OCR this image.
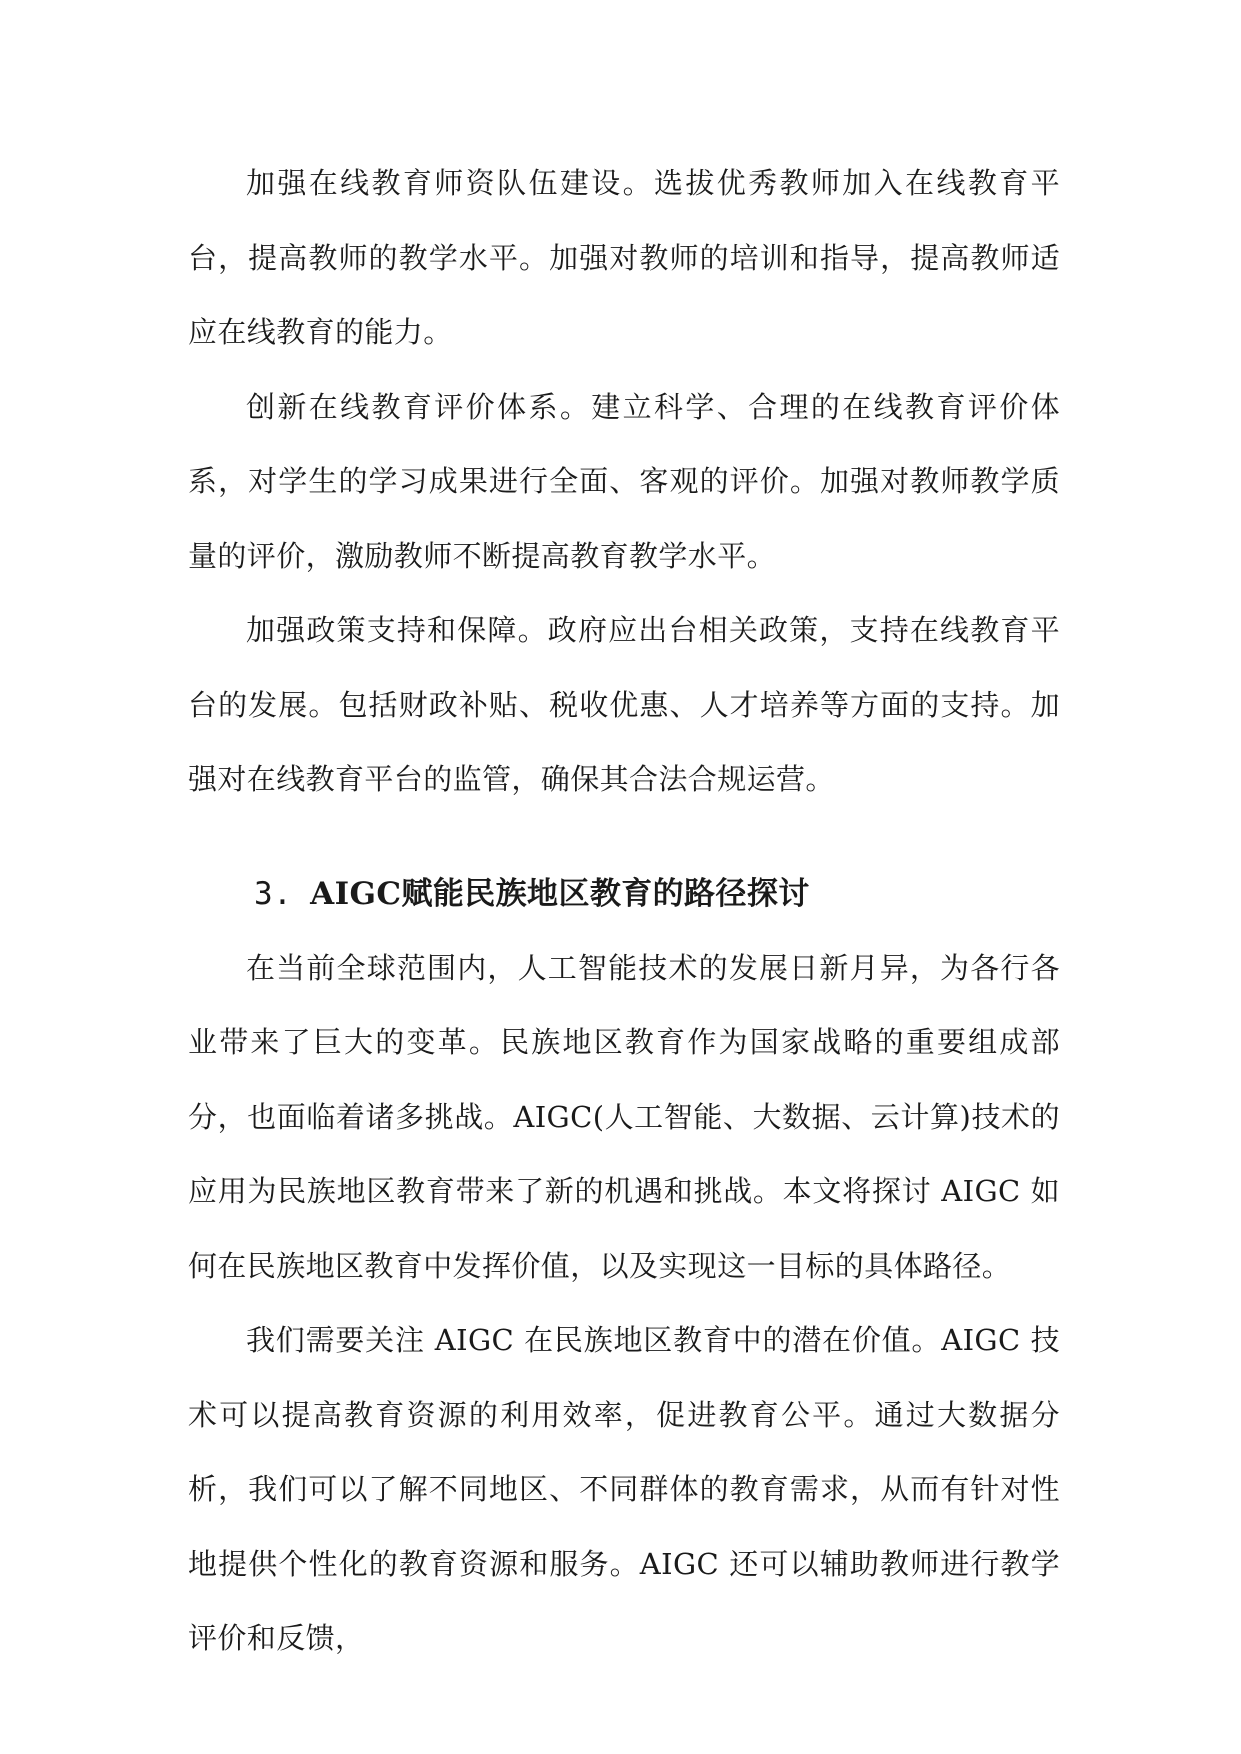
加强在线教育师资队伍建设。选拔优秀教师加入在线教育平台，提高教师的教学水平。加强对教师的培训和指导，提高教师适应在线教育的能力。

创新在线教育评价体系。建立科学、合理的在线教育评价体系，对学生的学习成果进行全面、客观的评价。加强对教师教学质量的评价，激励教师不断提高教育教学水平。

加强政策支持和保障。政府应出台相关政策，支持在线教育平台的发展。包括财政补贴、税收优惠、人才培养等方面的支持。加强对在线教育平台的监管，确保其合法合规运营。

3. AIGC赋能民族地区教育的路径探讨

在当前全球范围内，人工智能技术的发展日新月异，为各行各业带来了巨大的变革。民族地区教育作为国家战略的重要组成部分，也面临着诸多挑战。AIGC(人工智能、大数据、云计算)技术的应用为民族地区教育带来了新的机遇和挑战。本文将探讨 AIGC 如何在民族地区教育中发挥价值，以及实现这一目标的具体路径。

我们需要关注 AIGC 在民族地区教育中的潜在价值。AIGC 技术可以提高教育资源的利用效率，促进教育公平。通过大数据分析，我们可以了解不同地区、不同群体的教育需求，从而有针对性地提供个性化的教育资源和服务。AIGC 还可以辅助教师进行教学评价和反馈，
